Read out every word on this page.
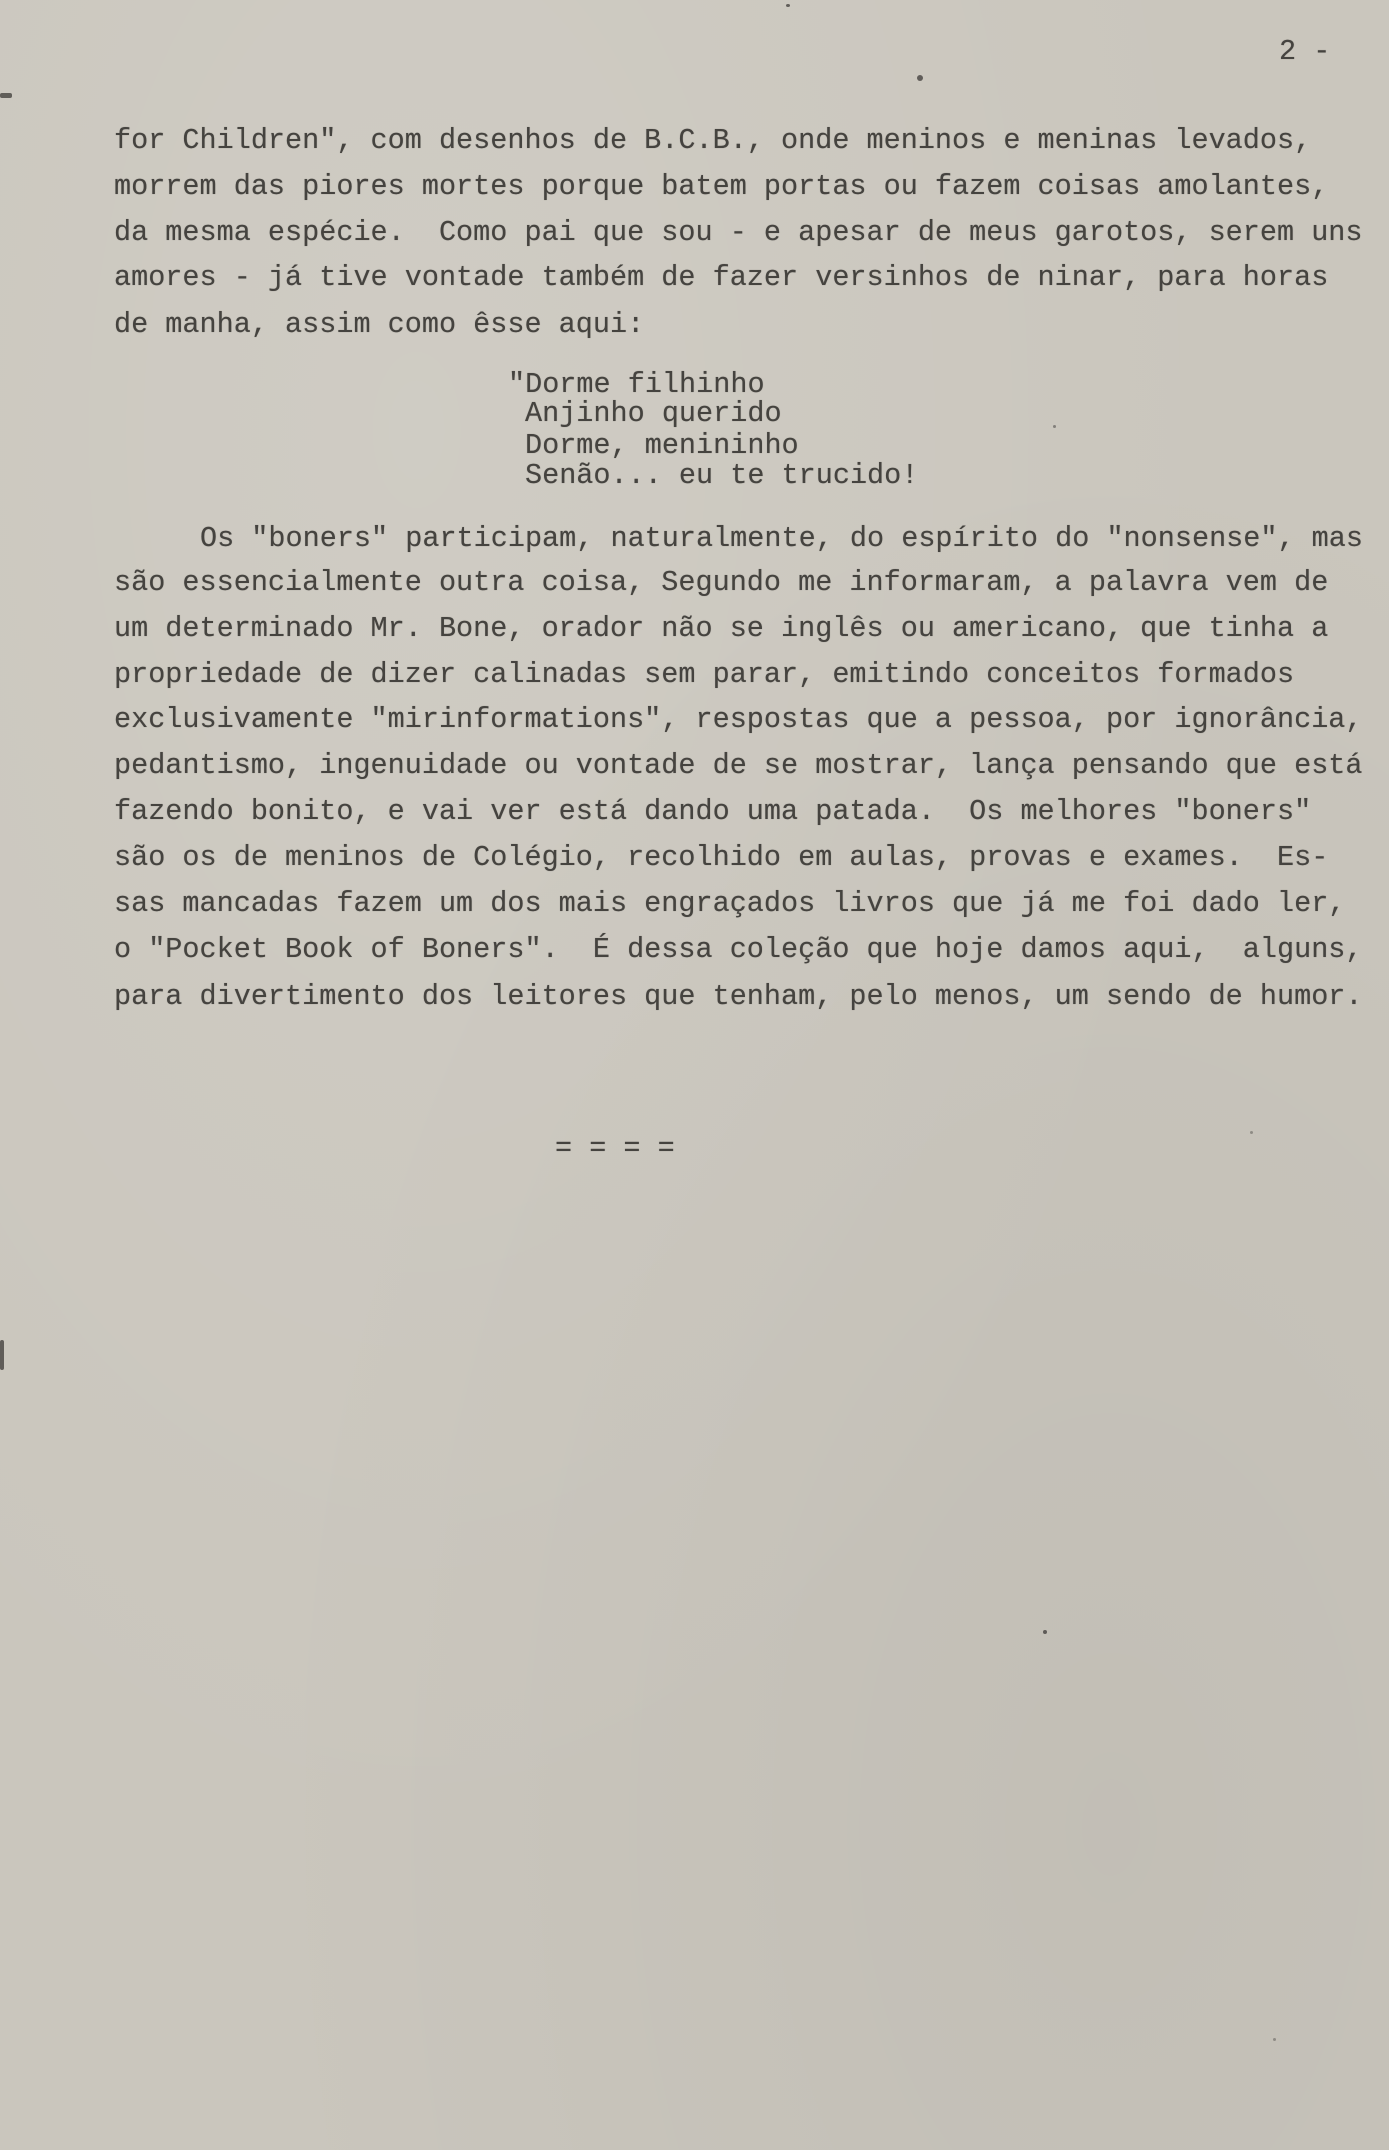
2 -
for Children", com desenhos de B.C.B., onde meninos e meninas levados,
morrem das piores mortes porque batem portas ou fazem coisas amolantes,
da mesma espécie.  Como pai que sou - e apesar de meus garotos, serem uns
amores - já tive vontade também de fazer versinhos de ninar, para horas
de manha, assim como êsse aqui:
"Dorme filhinho
Anjinho querido
Dorme, menininho
Senão... eu te trucido!
Os "boners" participam, naturalmente, do espírito do "nonsense", mas
são essencialmente outra coisa, Segundo me informaram, a palavra vem de
um determinado Mr. Bone, orador não se inglês ou americano, que tinha a
propriedade de dizer calinadas sem parar, emitindo conceitos formados
exclusivamente "mirinformations", respostas que a pessoa, por ignorância,
pedantismo, ingenuidade ou vontade de se mostrar, lança pensando que está
fazendo bonito, e vai ver está dando uma patada.  Os melhores "boners"
são os de meninos de Colégio, recolhido em aulas, provas e exames.  Es-
sas mancadas fazem um dos mais engraçados livros que já me foi dado ler,
o "Pocket Book of Boners".  É dessa coleção que hoje damos aqui,  alguns,
para divertimento dos leitores que tenham, pelo menos, um sendo de humor.
= = = =
